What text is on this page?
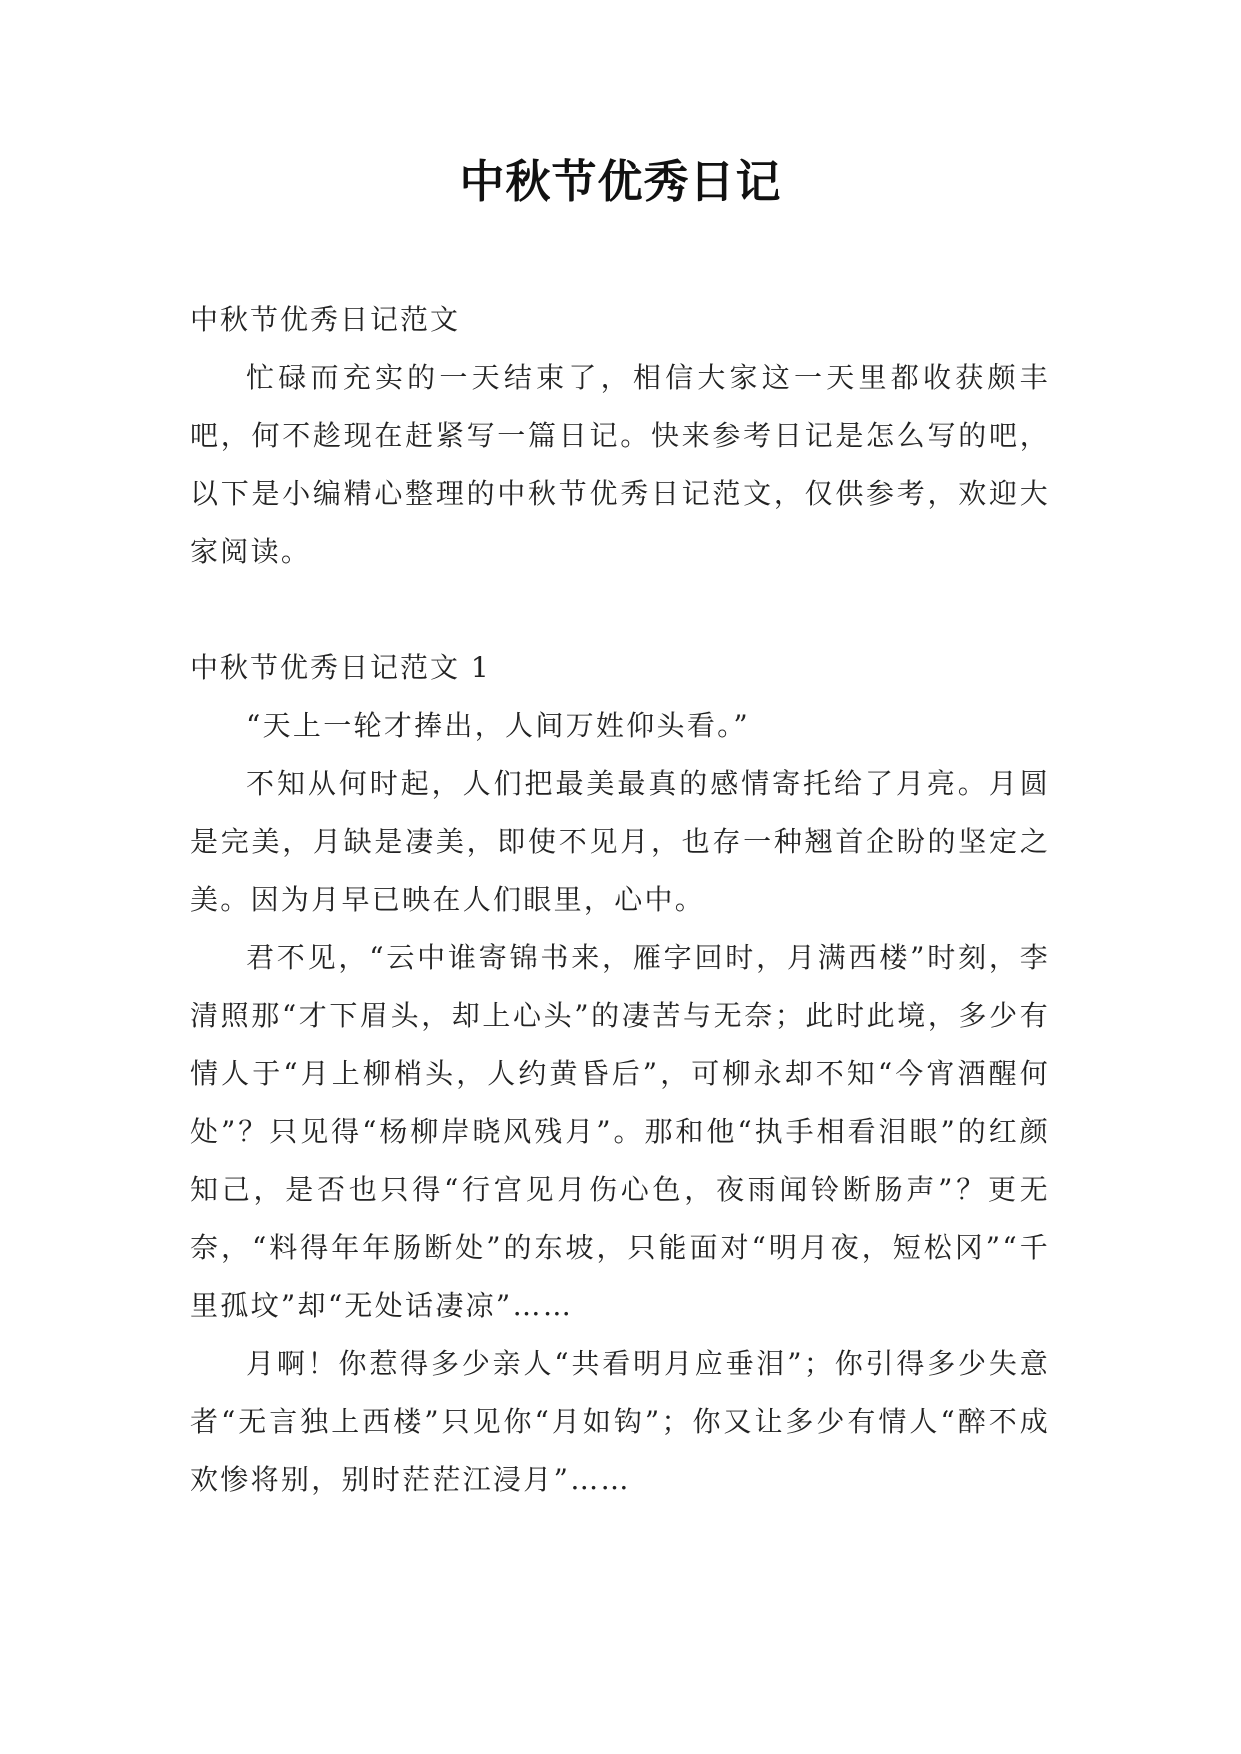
中秋节优秀日记

中秋节优秀日记范文

忙碌而充实的一天结束了，相信大家这一天里都收获颇丰吧，何不趁现在赶紧写一篇日记。快来参考日记是怎么写的吧，以下是小编精心整理的中秋节优秀日记范文，仅供参考，欢迎大家阅读。

中秋节优秀日记范文 1

“天上一轮才捧出，人间万姓仰头看。”

不知从何时起，人们把最美最真的感情寄托给了月亮。月圆是完美，月缺是凄美，即使不见月，也存一种翘首企盼的坚定之美。因为月早已映在人们眼里，心中。

君不见，“云中谁寄锦书来，雁字回时，月满西楼”时刻，李清照那“才下眉头，却上心头”的凄苦与无奈；此时此境，多少有情人于“月上柳梢头，人约黄昏后”，可柳永却不知“今宵酒醒何处”？只见得“杨柳岸晓风残月”。那和他“执手相看泪眼”的红颜知己，是否也只得“行宫见月伤心色，夜雨闻铃断肠声”？更无奈，“料得年年肠断处”的东坡，只能面对“明月夜，短松冈”“千里孤坟”却“无处话凄凉”……

月啊！你惹得多少亲人“共看明月应垂泪”；你引得多少失意者“无言独上西楼”只见你“月如钩”；你又让多少有情人“醉不成欢惨将别，别时茫茫江浸月”……
